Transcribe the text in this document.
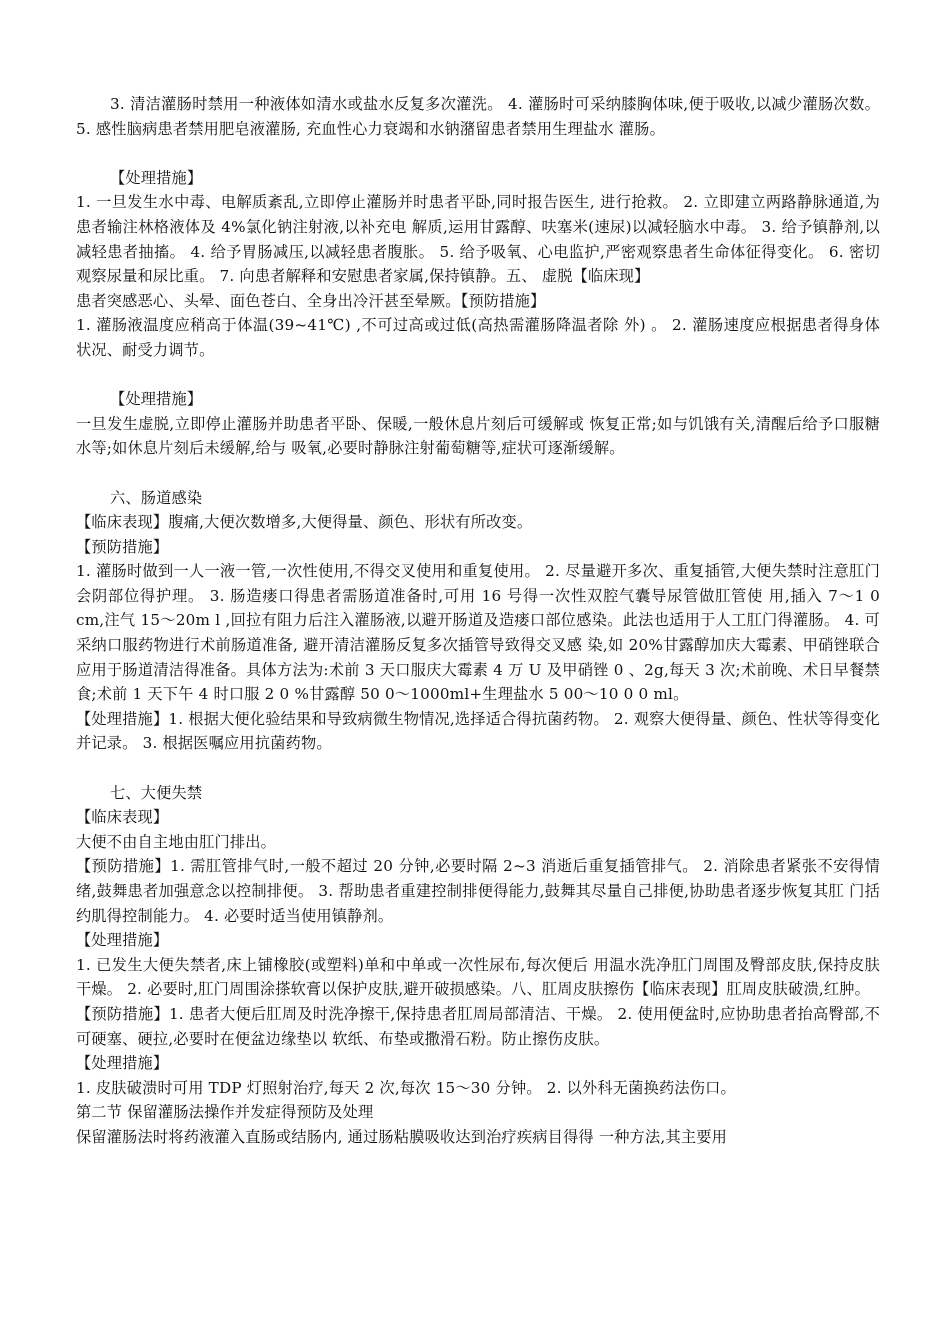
3. 清洁灌肠时禁用一种液体如清水或盐水反复多次灌洗。 4. 灌肠时可采纳膝胸体味,便于吸收,以减少灌肠次数。 5. 感性脑病患者禁用肥皂液灌肠, 充血性心力衰竭和水钠潴留患者禁用生理盐水 灌肠。

【处理措施】

1. 一旦发生水中毒、电解质紊乱,立即停止灌肠并时患者平卧,同时报告医生, 进行抢救。 2. 立即建立两路静脉通道,为患者输注林格液体及 4%氯化钠注射液,以补充电 解质,运用甘露醇、呋塞米(速尿)以减轻脑水中毒。 3. 给予镇静剂,以减轻患者抽搐。 4. 给予胃肠减压,以减轻患者腹胀。 5. 给予吸氧、心电监护,严密观察患者生命体征得变化。 6. 密切观察尿量和尿比重。 7. 向患者解释和安慰患者家属,保持镇静。五、 虚脱【临床现】

患者突感恶心、头晕、面色苍白、全身出冷汗甚至晕厥。【预防措施】

1. 灌肠液温度应稍高于体温(39~41℃) ,不可过高或过低(高热需灌肠降温者除 外) 。 2. 灌肠速度应根据患者得身体状况、耐受力调节。

【处理措施】

一旦发生虚脱,立即停止灌肠并助患者平卧、保暖,一般休息片刻后可缓解或 恢复正常;如与饥饿有关,清醒后给予口服糖水等;如休息片刻后未缓解,给与 吸氧,必要时静脉注射葡萄糖等,症状可逐渐缓解。

六、肠道感染

【临床表现】腹痛,大便次数增多,大便得量、颜色、形状有所改变。

【预防措施】

1. 灌肠时做到一人一液一管,一次性使用,不得交叉使用和重复使用。 2. 尽量避开多次、重复插管,大便失禁时注意肛门会阴部位得护理。 3. 肠造瘘口得患者需肠道准备时,可用 16 号得一次性双腔气囊导尿管做肛管使 用,插入 7～1 0 cm,注气 15～20m l ,回拉有阻力后注入灌肠液,以避开肠道及造瘘口部位感染。此法也适用于人工肛门得灌肠。 4. 可采纳口服药物进行术前肠道准备, 避开清洁灌肠反复多次插管导致得交叉感 染,如 20%甘露醇加庆大霉素、甲硝锉联合应用于肠道清洁得准备。具体方法为:术前 3 天口服庆大霉素 4 万 U 及甲硝锉 0 、2g,每天 3 次;术前晚、术日早餐禁食;术前 1 天下午 4 时口服 2 0 %甘露醇 50 0～1000ml+生理盐水 5 00～10 0 0 ml。

【处理措施】1. 根据大便化验结果和导致病微生物情况,选择适合得抗菌药物。 2. 观察大便得量、颜色、性状等得变化并记录。 3. 根据医嘱应用抗菌药物。

七、大便失禁

【临床表现】

大便不由自主地由肛门排出。

【预防措施】1. 需肛管排气时,一般不超过 20 分钟,必要时隔 2~3 消逝后重复插管排气。 2. 消除患者紧张不安得情绪,鼓舞患者加强意念以控制排便。 3. 帮助患者重建控制排便得能力,鼓舞其尽量自己排便,协助患者逐步恢复其肛 门括约肌得控制能力。 4. 必要时适当使用镇静剂。

【处理措施】

1. 已发生大便失禁者,床上铺橡胶(或塑料)单和中单或一次性尿布,每次便后 用温水洗净肛门周围及臀部皮肤,保持皮肤干燥。 2. 必要时,肛门周围涂搽软膏以保护皮肤,避开破损感染。八、肛周皮肤擦伤【临床表现】肛周皮肤破溃,红肿。

【预防措施】1. 患者大便后肛周及时洗净擦干,保持患者肛周局部清洁、干燥。 2. 使用便盆时,应协助患者抬高臀部,不可硬塞、硬拉,必要时在便盆边缘垫以 软纸、布垫或撒滑石粉。防止擦伤皮肤。

【处理措施】

1. 皮肤破溃时可用 TDP 灯照射治疗,每天 2 次,每次 15～30 分钟。 2. 以外科无菌换药法伤口。

第二节 保留灌肠法操作并发症得预防及处理

保留灌肠法时将药液灌入直肠或结肠内, 通过肠粘膜吸收达到治疗疾病目得得 一种方法,其主要用
